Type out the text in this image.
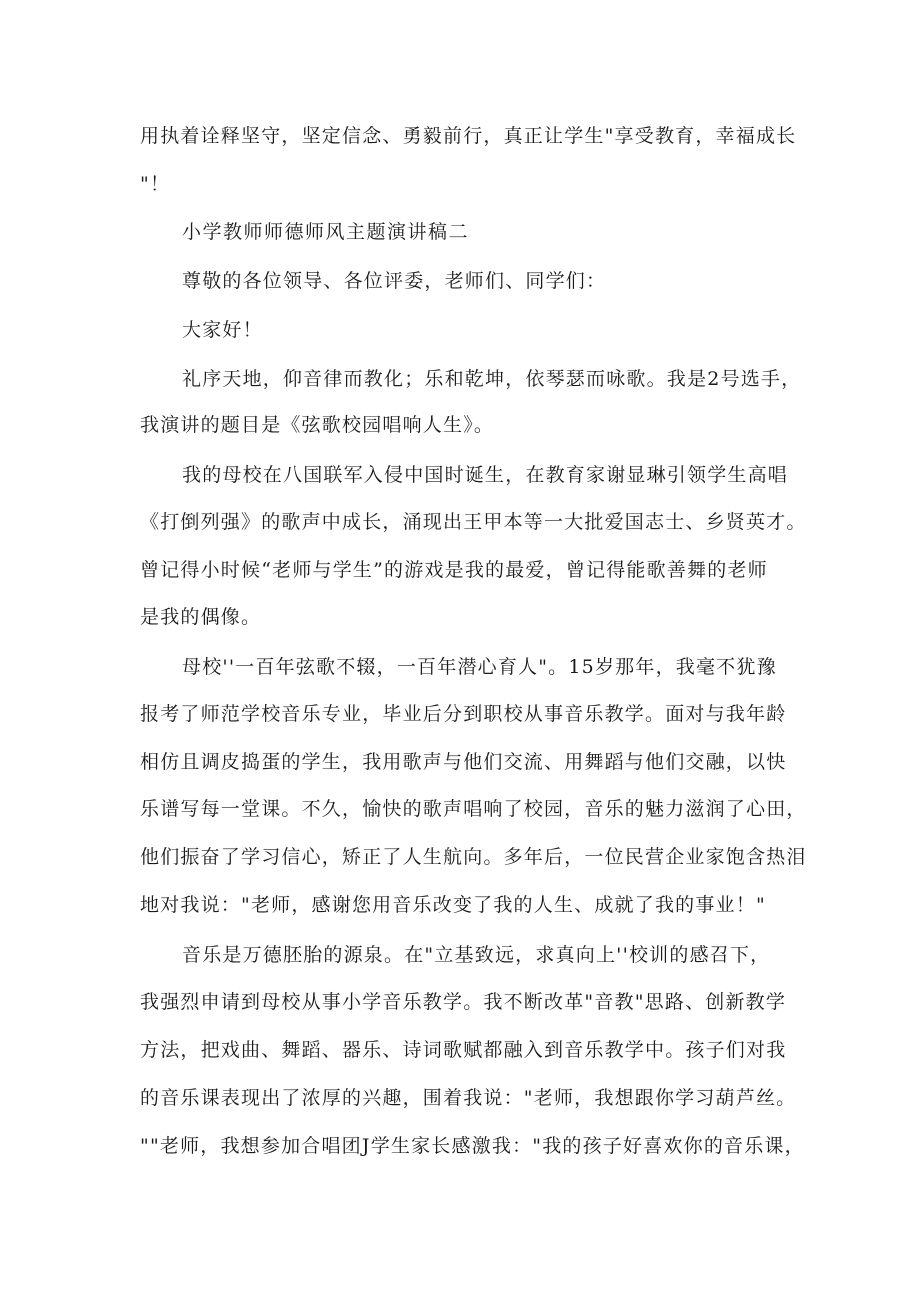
用执着诠释坚守，坚定信念、勇毅前行，真正让学生"享受教育，幸福成长
"！
小学教师师德师风主题演讲稿二
尊敬的各位领导、各位评委，老师们、同学们：
大家好！
礼序天地，仰音律而教化；乐和乾坤，依琴瑟而咏歌。我是2号选手，
我演讲的题目是《弦歌校园唱响人生》。
我的母校在八国联军入侵中国时诞生，在教育家谢显琳引领学生高唱
《打倒列强》的歌声中成长，涌现出王甲本等一大批爱国志士、乡贤英才。
曾记得小时候“老师与学生”的游戏是我的最爱，曾记得能歌善舞的老师
是我的偶像。
母校''一百年弦歌不辍，一百年潜心育人"。15岁那年，我毫不犹豫
报考了师范学校音乐专业，毕业后分到职校从事音乐教学。面对与我年龄
相仿且调皮捣蛋的学生，我用歌声与他们交流、用舞蹈与他们交融，以快
乐谱写每一堂课。不久，愉快的歌声唱响了校园，音乐的魅力滋润了心田，
他们振奋了学习信心，矫正了人生航向。多年后，一位民营企业家饱含热泪
地对我说："老师，感谢您用音乐改变了我的人生、成就了我的事业！"
音乐是万德胚胎的源泉。在"立基致远，求真向上''校训的感召下，
我强烈申请到母校从事小学音乐教学。我不断改革"音教"思路、创新教学
方法，把戏曲、舞蹈、器乐、诗词歌赋都融入到音乐教学中。孩子们对我
的音乐课表现出了浓厚的兴趣，围着我说："老师，我想跟你学习葫芦丝。
""老师，我想参加合唱团J学生家长感激我："我的孩子好喜欢你的音乐课，
